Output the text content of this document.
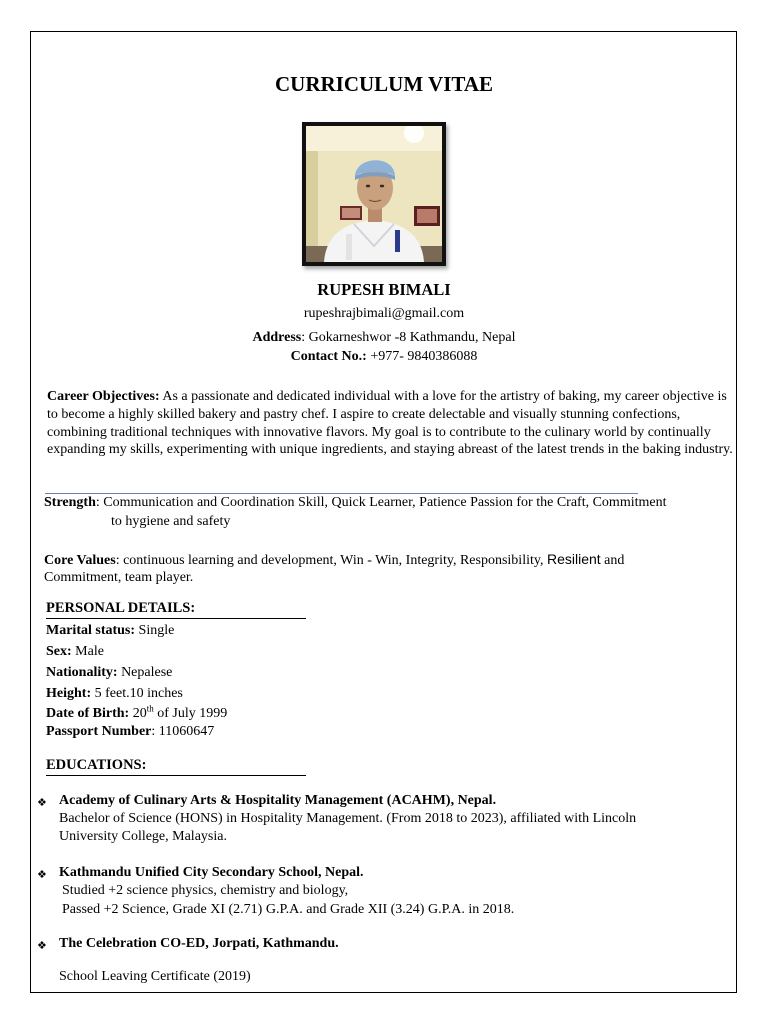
CURRICULUM VITAE
RUPESH BIMALI
rupeshrajbimali@gmail.com
Address: Gokarneshwor -8 Kathmandu, Nepal
Contact No.: +977- 9840386088
Career Objectives: As a passionate and dedicated individual with a love for the artistry of baking, my career objective is to become a highly skilled bakery and pastry chef. I aspire to create delectable and visually stunning confections, combining traditional techniques with innovative flavors. My goal is to contribute to the culinary world by continually expanding my skills, experimenting with unique ingredients, and staying abreast of the latest trends in the baking industry.
Strength: Communication and Coordination Skill, Quick Learner, Patience Passion for the Craft, Commitment
to hygiene and safety
Core Values: continuous learning and development, Win - Win, Integrity, Responsibility, Resilient and
Commitment, team player.
PERSONAL DETAILS:
Marital status: Single
Sex: Male
Nationality: Nepalese
Height: 5 feet.10 inches
Date of Birth: 20th of July 1999
Passport Number: 11060647
EDUCATIONS:
❖ Academy of Culinary Arts & Hospitality Management (ACAHM), Nepal.
Bachelor of Science (HONS) in Hospitality Management. (From 2018 to 2023), affiliated with Lincoln
University College, Malaysia.
❖ Kathmandu Unified City Secondary School, Nepal.
Studied +2 science physics, chemistry and biology,
Passed +2 Science, Grade XI (2.71) G.P.A. and Grade XII (3.24) G.P.A. in 2018.
❖ The Celebration CO-ED, Jorpati, Kathmandu.
School Leaving Certificate (2019)
